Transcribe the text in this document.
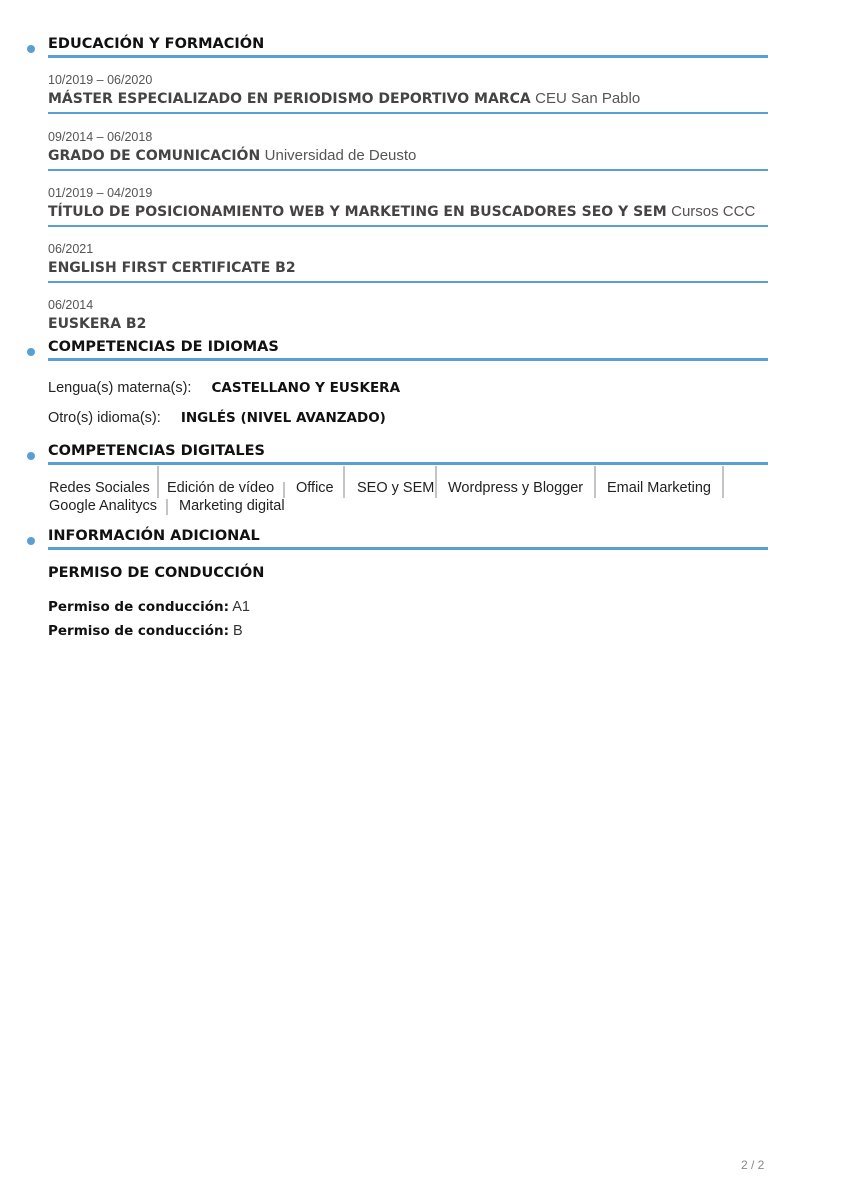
EDUCACIÓN Y FORMACIÓN
10/2019 – 06/2020
MÁSTER ESPECIALIZADO EN PERIODISMO DEPORTIVO MARCA CEU San Pablo
09/2014 – 06/2018
GRADO DE COMUNICACIÓN Universidad de Deusto
01/2019 – 04/2019
TÍTULO DE POSICIONAMIENTO WEB Y MARKETING EN BUSCADORES SEO Y SEM Cursos CCC
06/2021
ENGLISH FIRST CERTIFICATE B2
06/2014
EUSKERA B2
COMPETENCIAS DE IDIOMAS
Lengua(s) materna(s): CASTELLANO Y EUSKERA
Otro(s) idioma(s): INGLÉS (NIVEL AVANZADO)
COMPETENCIAS DIGITALES
Redes Sociales Edición de vídeo Office SEO y SEM Wordpress y Blogger Email Marketing
Google Analitycs Marketing digital
INFORMACIÓN ADICIONAL
PERMISO DE CONDUCCIÓN
Permiso de conducción: A1
Permiso de conducción: B
2 / 2
